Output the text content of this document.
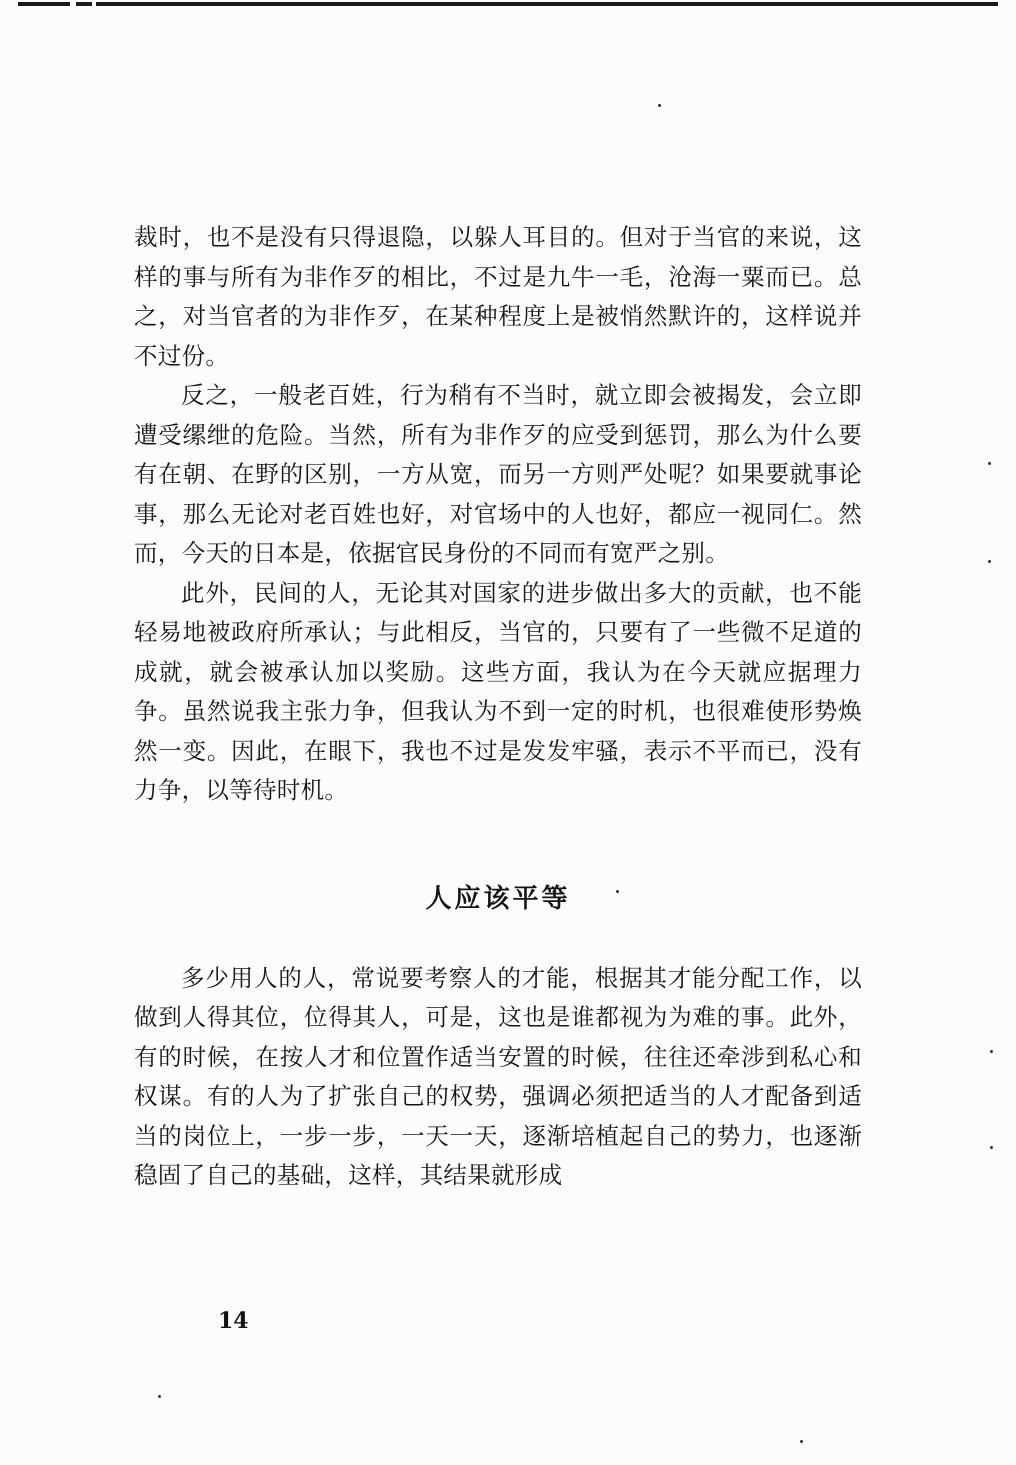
裁时，也不是没有只得退隐，以躲人耳目的。但对于当官的来说，这样的事与所有为非作歹的相比，不过是九牛一毛，沧海一粟而已。总之，对当官者的为非作歹，在某种程度上是被悄然默许的，这样说并不过份。

反之，一般老百姓，行为稍有不当时，就立即会被揭发，会立即遭受缧绁的危险。当然，所有为非作歹的应受到惩罚，那么为什么要有在朝、在野的区别，一方从宽，而另一方则严处呢？如果要就事论事，那么无论对老百姓也好，对官场中的人也好，都应一视同仁。然而，今天的日本是，依据官民身份的不同而有宽严之别。

此外，民间的人，无论其对国家的进步做出多大的贡献，也不能轻易地被政府所承认；与此相反，当官的，只要有了一些微不足道的成就，就会被承认加以奖励。这些方面，我认为在今天就应据理力争。虽然说我主张力争，但我认为不到一定的时机，也很难使形势焕然一变。因此，在眼下，我也不过是发发牢骚，表示不平而已，没有力争，以等待时机。

人应该平等

多少用人的人，常说要考察人的才能，根据其才能分配工作，以做到人得其位，位得其人，可是，这也是谁都视为为难的事。此外，有的时候，在按人才和位置作适当安置的时候，往往还牵涉到私心和权谋。有的人为了扩张自己的权势，强调必须把适当的人才配备到适当的岗位上，一步一步，一天一天，逐渐培植起自己的势力，也逐渐稳固了自己的基础，这样，其结果就形成

14
